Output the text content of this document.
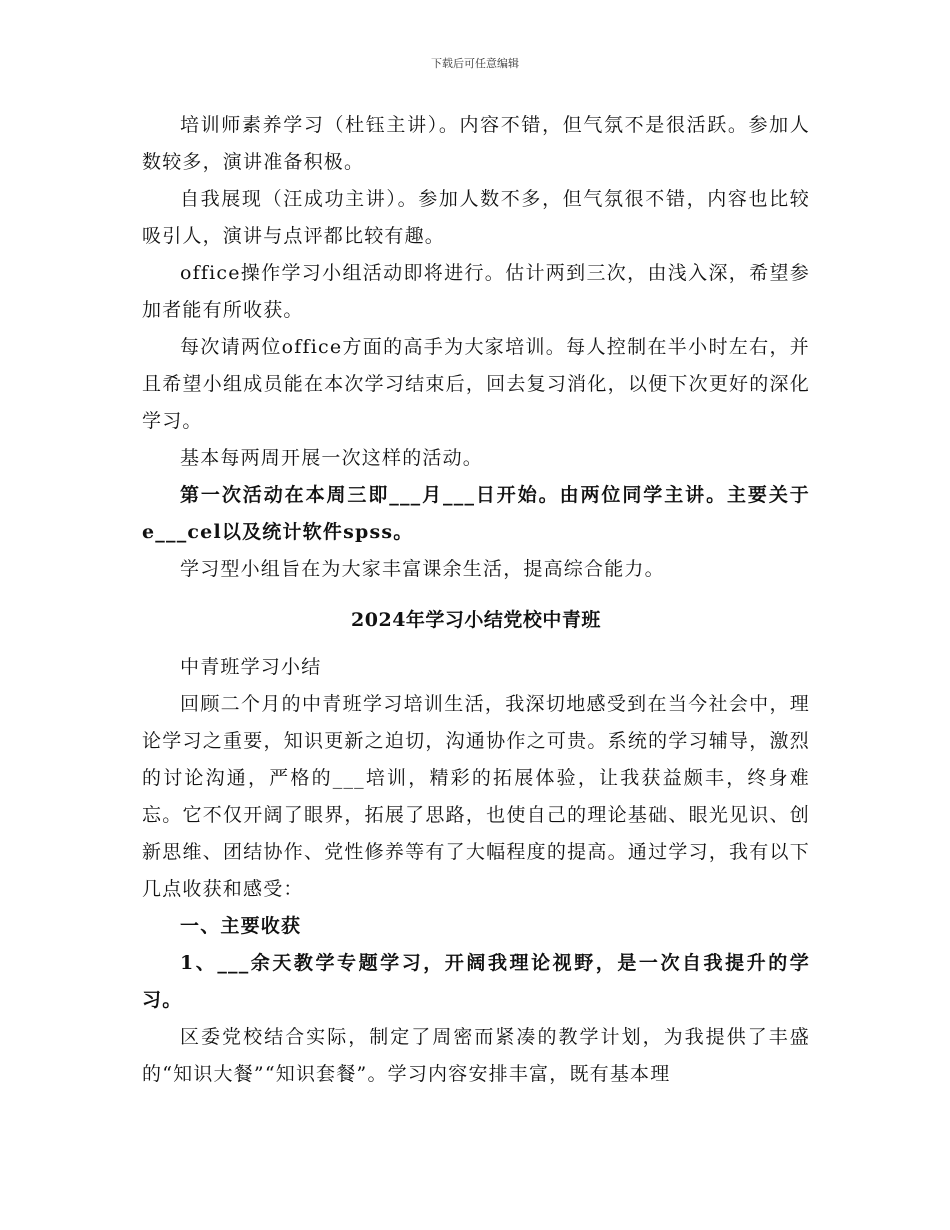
下载后可任意编辑

培训师素养学习（杜钰主讲）。内容不错，但气氛不是很活跃。参加人数较多，演讲准备积极。

自我展现（汪成功主讲）。参加人数不多，但气氛很不错，内容也比较吸引人，演讲与点评都比较有趣。

office操作学习小组活动即将进行。估计两到三次，由浅入深，希望参加者能有所收获。

每次请两位office方面的高手为大家培训。每人控制在半小时左右，并且希望小组成员能在本次学习结束后，回去复习消化，以便下次更好的深化学习。

基本每两周开展一次这样的活动。

第一次活动在本周三即___月___日开始。由两位同学主讲。主要关于e___cel以及统计软件spss。

学习型小组旨在为大家丰富课余生活，提高综合能力。

2024年学习小结党校中青班

中青班学习小结

回顾二个月的中青班学习培训生活，我深切地感受到在当今社会中，理论学习之重要，知识更新之迫切，沟通协作之可贵。系统的学习辅导，激烈的讨论沟通，严格的___培训，精彩的拓展体验，让我获益颇丰，终身难忘。它不仅开阔了眼界，拓展了思路，也使自己的理论基础、眼光见识、创新思维、团结协作、党性修养等有了大幅程度的提高。通过学习，我有以下几点收获和感受：

一、主要收获

1、___余天教学专题学习，开阔我理论视野，是一次自我提升的学习。

区委党校结合实际，制定了周密而紧凑的教学计划，为我提供了丰盛的“知识大餐”“知识套餐”。学习内容安排丰富，既有基本理
